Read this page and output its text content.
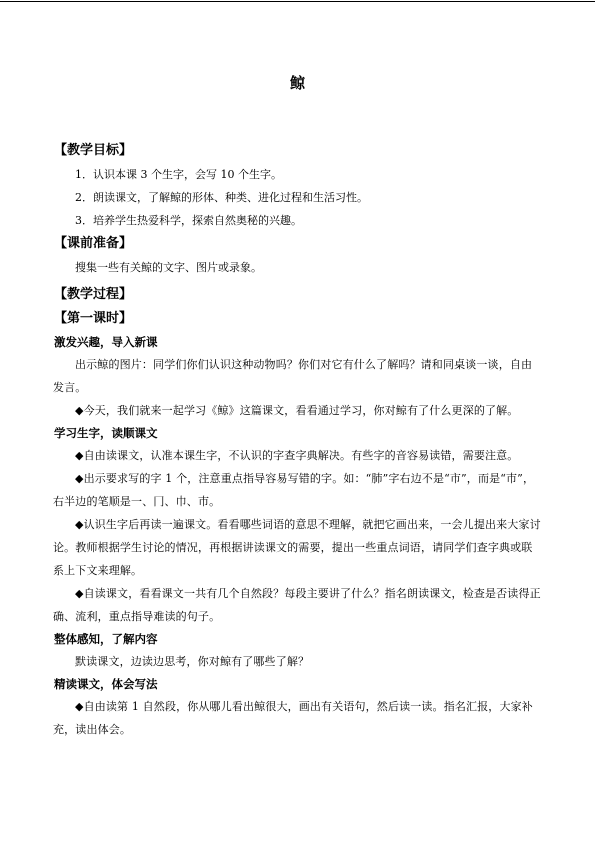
鲸
【教学目标】
1．认识本课 3 个生字，会写 10 个生字。
2．朗读课文，了解鲸的形体、种类、进化过程和生活习性。
3．培养学生热爱科学，探索自然奥秘的兴趣。
【课前准备】
搜集一些有关鲸的文字、图片或录象。
【教学过程】
【第一课时】
激发兴趣，导入新课
出示鲸的图片：同学们你们认识这种动物吗？你们对它有什么了解吗？请和同桌谈一谈，自由发言。
◆今天，我们就来一起学习《鲸》这篇课文，看看通过学习，你对鲸有了什么更深的了解。
学习生字，读顺课文
◆自由读课文，认准本课生字，不认识的字查字典解决。有些字的音容易读错，需要注意。
◆出示要求写的字 1 个，注意重点指导容易写错的字。如：“肺”字右边不是“市”，而是“巿”，右半边的笔顺是一、冂、巾、巿。
◆认识生字后再读一遍课文。看看哪些词语的意思不理解，就把它画出来，一会儿提出来大家讨论。教师根据学生讨论的情况，再根据讲读课文的需要，提出一些重点词语，请同学们查字典或联系上下文来理解。
◆自读课文，看看课文一共有几个自然段？每段主要讲了什么？指名朗读课文，检查是否读得正确、流利，重点指导难读的句子。
整体感知，了解内容
默读课文，边读边思考，你对鲸有了哪些了解？
精读课文，体会写法
◆自由读第 1 自然段，你从哪儿看出鲸很大，画出有关语句，然后读一读。指名汇报，大家补充，读出体会。
